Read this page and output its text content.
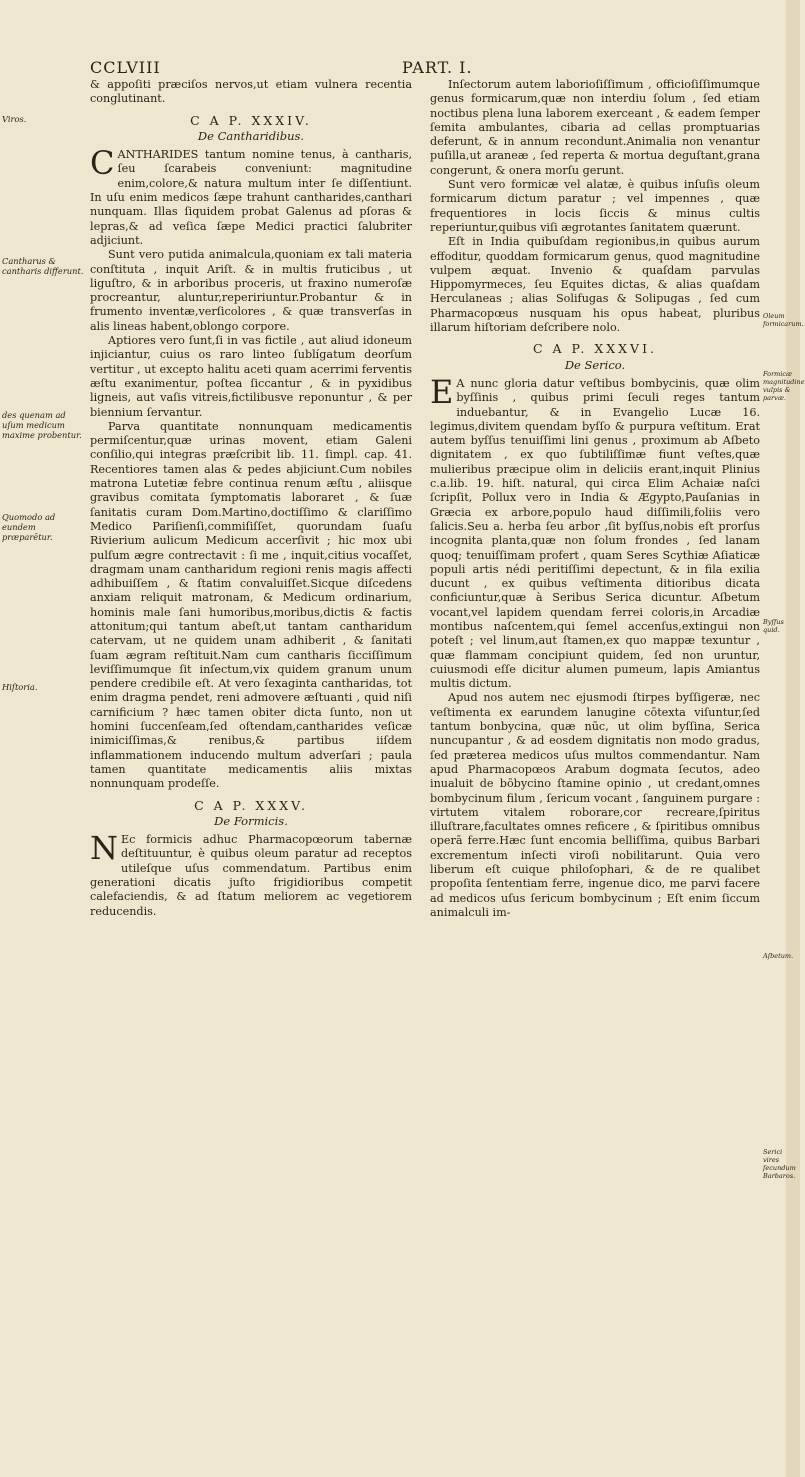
CCLVIII	PART. I.

& appoſiti præciſos nervos,ut etiam vulnera recentia conglutinant.

C A P. XXXIV.
De Cantharidibus.

CANTHARIDES tantum nomine tenus, à cantharis, ſeu ſcarabeis conveniunt: magnitudine enim,colore,& natura multum inter ſe diſſentiunt. In uſu enim medicos ſæpe trahunt cantharides,canthari nunquam. Illas ſiquidem probat Galenus ad pſoras & lepras,& ad veſica ſæpe Medici practici ſalubriter adjiciunt.

Sunt vero putida animalcula,quoniam ex tali materia conſtituta , inquit Ariſt. & in multis fruticibus , ut liguſtro, & in arboribus proceris, ut fraxino numeroſæ procreantur, aluntur,repeririuntur.Probantur & in frumento inventæ,verſicolores , & quæ transverſas in alis lineas habent,oblongo corpore.

Aptiores vero ſunt,ſi in vas fictile , aut aliud idoneum injiciantur, cuius os raro linteo ſublígatum deorſum vertitur , ut excepto halitu aceti quam acerrimi ferventis æſtu exanimentur, poſtea ſiccantur , & in pyxidibus ligneis, aut vaſis vitreis,fictilibusve reponuntur , & per biennium ſervantur.

Parva quantitate nonnunquam medicamentis permiſcentur,quæ urinas movent, etiam Galeni conſilio,qui integras præſcribit lib. 11. ſimpl. cap. 41. Recentiores tamen alas & pedes abjiciunt.Cum nobiles matrona Lutetiæ febre continua renum æſtu , aliisque gravibus comitata ſymptomatis laboraret , & ſuæ ſanitatis curam Dom.Martino,doctiſſimo & clariſſimo Medico Pariſienſi,commiſiſſet, quorundam ſuaſu Rivierium aulicum Medicum accerſivit ; hic mox ubi pulſum ægre contrectavit : ſi me , inquit,citius vocaſſet, dragmam unam cantharidum regioni renis magis affecti adhibuiſſem , & ſtatim convaluiſſet.Sicque diſcedens anxiam reliquit matronam, & Medicum ordinarium, hominis male ſani humoribus,moribus,dictis & factis attonitum;qui tantum abeſt,ut tantam cantharidum catervam, ut ne quidem unam adhiberit , & ſanitati ſuam ægram reſtituit.Nam cum cantharis ſicciſſimum leviſſimumque ſit inſectum,vix quidem granum unum pendere credibile eſt. At vero ſexaginta cantharidas, tot enim dragma pendet, reni admovere æſtuanti , quid niſi carnificium ? hæc tamen obiter dicta ſunto, non ut homini ſuccenſeam,ſed oſtendam,cantharides veſicæ inimiciſſimas,& renibus,& partibus iiſdem inflammationem inducendo multum adverſari ; paula tamen quantitate medicamentis aliis mixtas nonnunquam prodeſſe.

C A P. XXXV.
De Formicis.

N Ec formicis adhuc Pharmacopœorum tabernæ deſtituuntur, è quibus oleum paratur ad receptos utileſque uſus commendatum. Partibus enim generationi dicatis juſto frigidioribus competit calefaciendis, & ad ſtatum meliorem ac vegetiorem reducendis.

Inſectorum autem laborioſiſſimum , officioſiſſimumque genus formicarum,quæ non interdiu ſolum , ſed etiam noctibus plena luna laborem exerceant , & eadem ſemper ſemita ambulantes, cibaria ad cellas promptuarias deferunt, & in annum recondunt.Animalia non venantur puſilla,ut araneæ , ſed reperta & mortua deguſtant,grana congerunt, & onera morſu gerunt.

Sunt vero formicæ vel alatæ, è quibus inſuſis oleum formicarum dictum paratur ; vel impennes , quæ frequentiores in locis ſiccis & minus cultis reperiuntur,quibus viſi ægrotantes ſanitatem quærunt.

Eſt in India quibuſdam regionibus,in quibus aurum effoditur, quoddam formicarum genus, quod magnitudine vulpem æquat. Invenio & quaſdam parvulas Hippomyrmeces, ſeu Equites dictas, & alias quaſdam Herculaneas ; alias Solifugas & Solipugas , ſed cum Pharmacopœus nusquam his opus habeat, pluribus illarum hiſtoriam deſcribere nolo.

C A P. XXXVI.
De Serico.

E A nunc gloria datur veſtibus bombycinis, quæ olim byſſinis , quibus primi ſeculi reges tantum induebantur, & in Evangelio Lucæ 16. legimus,divitem quendam byſſo & purpura veſtitum. Erat autem byſſus tenuiſſimi lini genus , proximum ab Aſbeto dignitatem , ex quo ſubtiliſſimæ fiunt veſtes,quæ mulieribus præcipue olim in deliciis erant,inquit Plinius c.a.lib. 19. hiſt. natural, qui circa Elim Achaiæ naſci ſcripſit, Pollux vero in India & Ægypto,Pauſanias in Græcia ex arbore,populo haud diſſimili,foliis vero ſalicis.Seu a. herba ſeu arbor ,ſit byſſus,nobis eſt prorſus incognita planta,quæ non ſolum frondes , ſed lanam quoq; tenuiſſimam profert , quam Seres Scythiæ Aſiaticæ populi artis nédi peritiſſimi depectunt, & in fila exilia ducunt , ex quibus veſtimenta ditioribus dicata conficiuntur,quæ à Seribus Serica dicuntur. Aſbetum vocant,vel lapidem quendam ferrei coloris,in Arcadiæ montibus naſcentem,qui ſemel accenſus,extingui non poteſt ; vel linum,aut ſtamen,ex quo mappæ texuntur , quæ flammam concipiunt quidem, ſed non uruntur, cuiusmodi eſſe dicitur alumen pumeum, lapis Amiantus multis dictum.

Apud nos autem nec ejusmodi ſtirpes byſſigeræ, nec veſtimenta ex earundem lanugine cōtexta viſuntur,ſed tantum bonbycina, quæ nūc, ut olim byſſina, Serica nuncupantur , & ad eosdem dignitatis non modo gradus, ſed præterea medicos uſus multos commendantur. Nam apud Pharmacopœos Arabum dogmata ſecutos, adeo inualuit de bōbycino ſtamine opinio , ut credant,omnes bombycinum filum , ſericum vocant , ſanguinem purgare : virtutem vitalem roborare,cor recreare,ſpiritus illuſtrare,facultates omnes reficere , & ſpiritibus omnibus operā ferre.Hæc ſunt encomia belliſſima, quibus Barbari excrementum inſecti viroſi nobilitarunt. Quia vero liberum eſt cuique philoſophari, & de re qualibet propoſita ſententiam ferre, ingenue dico, me parvi facere ad medicos uſus ſericum bombycinum ; Eſt enim ſiccum animalculi im-

Viros.
Cantharus & cantharis differunt.
des quenam ad uſum medicum maxime probentur.
Quomodo ad eundem præparētur.
Hiſtoria.
Oleum formicarum.
Formicæ magnitudine vulpis & parvæ.
Byſſus quid.
Aſbetum.
Serici vires ſecundum Barbaros.
